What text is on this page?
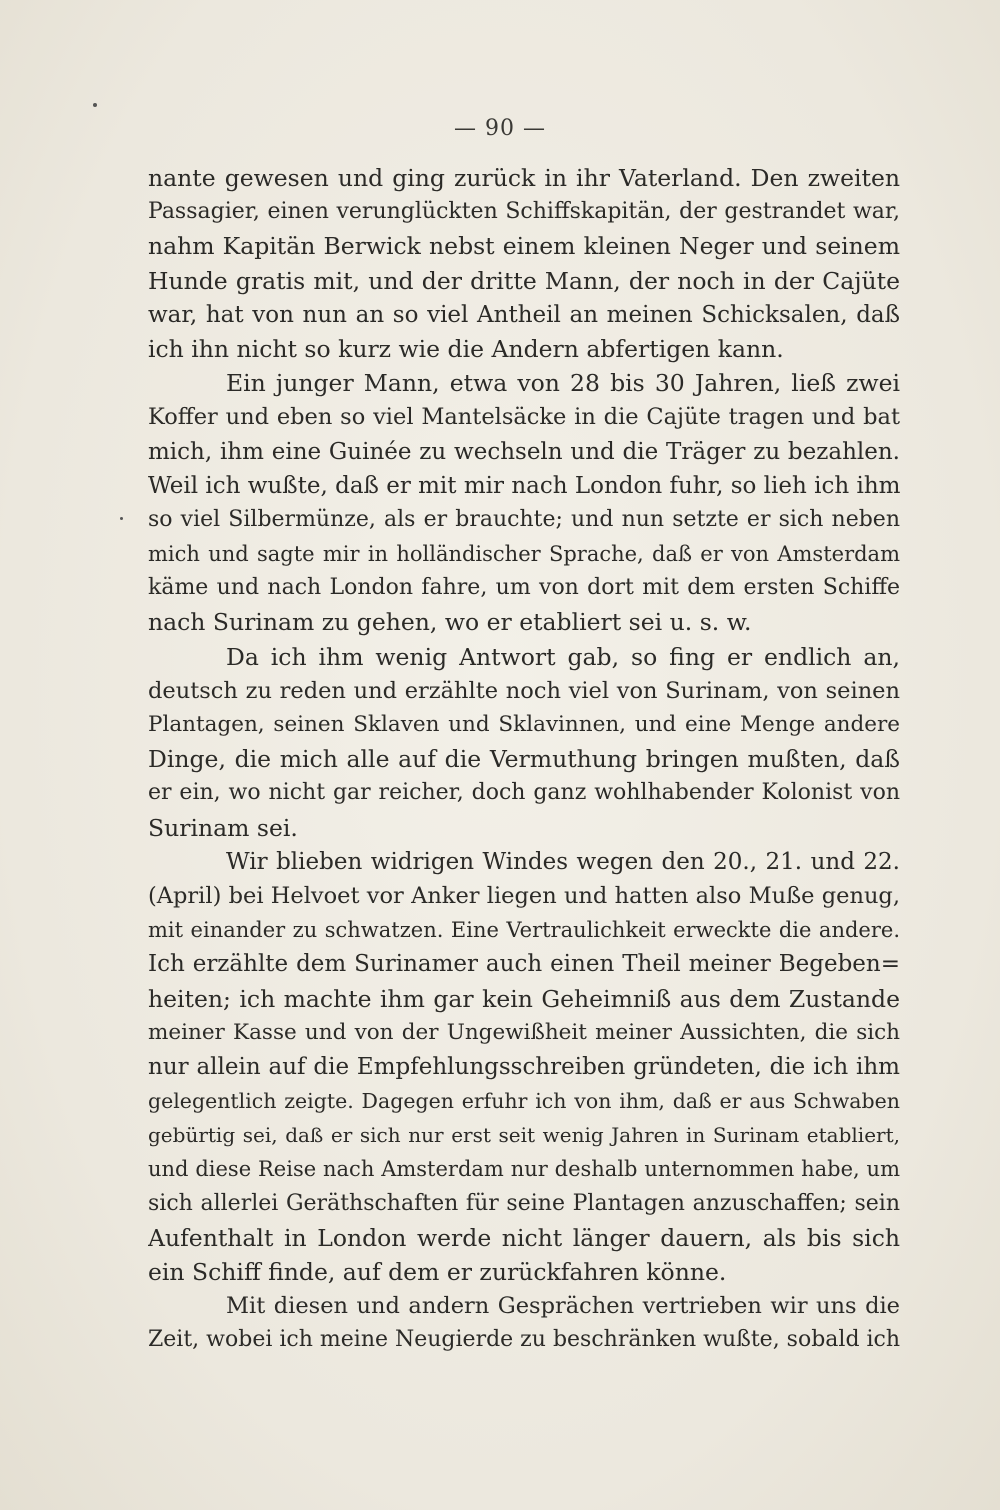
— 90 —
nante gewesen und ging zurück in ihr Vaterland. Den zweiten
Passagier, einen verunglückten Schiffskapitän, der gestrandet war,
nahm Kapitän Berwick nebst einem kleinen Neger und seinem
Hunde gratis mit, und der dritte Mann, der noch in der Cajüte
war, hat von nun an so viel Antheil an meinen Schicksalen, daß
ich ihn nicht so kurz wie die Andern abfertigen kann.
Ein junger Mann, etwa von 28 bis 30 Jahren, ließ zwei
Koffer und eben so viel Mantelsäcke in die Cajüte tragen und bat
mich, ihm eine Guinée zu wechseln und die Träger zu bezahlen.
Weil ich wußte, daß er mit mir nach London fuhr, so lieh ich ihm
so viel Silbermünze, als er brauchte; und nun setzte er sich neben
mich und sagte mir in holländischer Sprache, daß er von Amsterdam
käme und nach London fahre, um von dort mit dem ersten Schiffe
nach Surinam zu gehen, wo er etabliert sei u. s. w.
Da ich ihm wenig Antwort gab, so fing er endlich an,
deutsch zu reden und erzählte noch viel von Surinam, von seinen
Plantagen, seinen Sklaven und Sklavinnen, und eine Menge andere
Dinge, die mich alle auf die Vermuthung bringen mußten, daß
er ein, wo nicht gar reicher, doch ganz wohlhabender Kolonist von
Surinam sei.
Wir blieben widrigen Windes wegen den 20., 21. und 22.
(April) bei Helvoet vor Anker liegen und hatten also Muße genug,
mit einander zu schwatzen. Eine Vertraulichkeit erweckte die andere.
Ich erzählte dem Surinamer auch einen Theil meiner Begeben=
heiten; ich machte ihm gar kein Geheimniß aus dem Zustande
meiner Kasse und von der Ungewißheit meiner Aussichten, die sich
nur allein auf die Empfehlungsschreiben gründeten, die ich ihm
gelegentlich zeigte. Dagegen erfuhr ich von ihm, daß er aus Schwaben
gebürtig sei, daß er sich nur erst seit wenig Jahren in Surinam etabliert,
und diese Reise nach Amsterdam nur deshalb unternommen habe, um
sich allerlei Geräthschaften für seine Plantagen anzuschaffen; sein
Aufenthalt in London werde nicht länger dauern, als bis sich
ein Schiff finde, auf dem er zurückfahren könne.
Mit diesen und andern Gesprächen vertrieben wir uns die
Zeit, wobei ich meine Neugierde zu beschränken wußte, sobald ich
